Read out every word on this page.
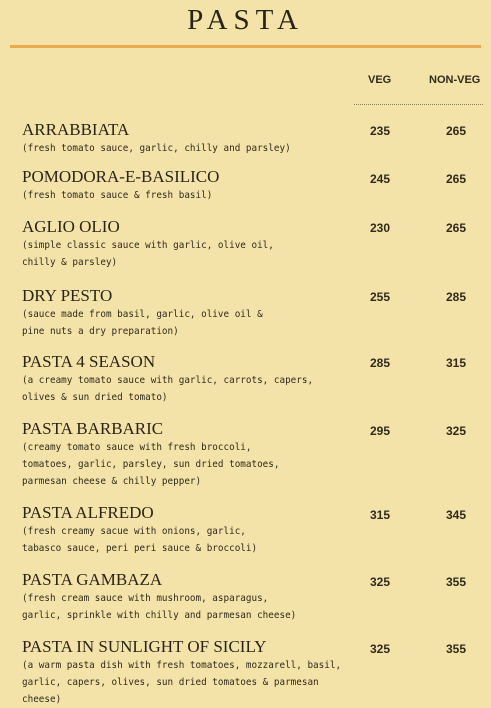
PASTA
VEG	NON-VEG
ARRABBIATA
(fresh tomato sauce, garlic, chilly and parsley)
235	265
POMODORA-E-BASILICO
(fresh tomato sauce & fresh basil)
245	265
AGLIO OLIO
(simple classic sauce with garlic, olive oil,
chilly & parsley)
230	265
DRY PESTO
(sauce made from basil, garlic, olive oil &
pine nuts a dry preparation)
255	285
PASTA 4 SEASON
(a creamy tomato sauce with garlic, carrots, capers,
olives & sun dried tomato)
285	315
PASTA BARBARIC
(creamy tomato sauce with fresh broccoli,
tomatoes, garlic, parsley, sun dried tomatoes,
parmesan cheese & chilly pepper)
295	325
PASTA ALFREDO
(fresh creamy sacue with onions, garlic,
tabasco sauce, peri peri sauce & broccoli)
315	345
PASTA GAMBAZA
(fresh cream sauce with mushroom, asparagus,
garlic, sprinkle with chilly and parmesan cheese)
325	355
PASTA IN SUNLIGHT OF SICILY
(a warm pasta dish with fresh tomatoes, mozzarell, basil,
garlic, capers, olives, sun dried tomatoes & parmesan cheese)
325	355
